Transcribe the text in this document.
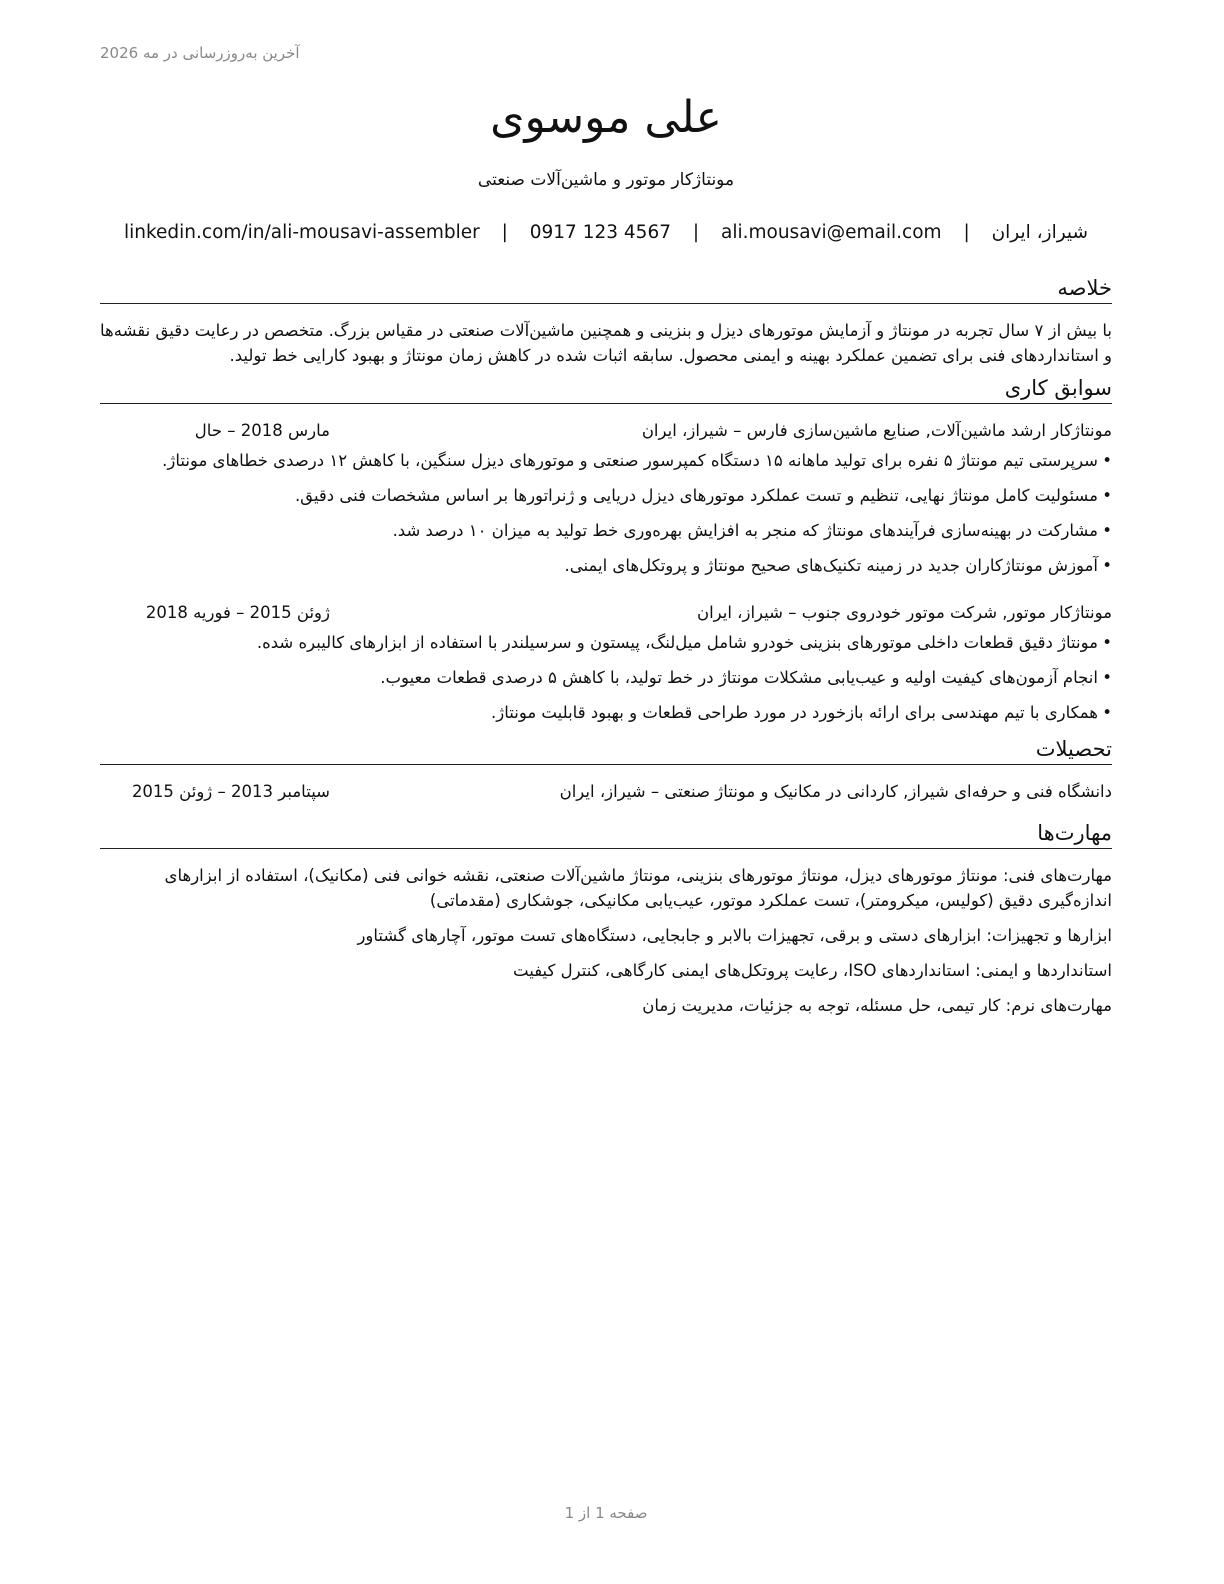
آخرین به‌روزرسانی در مه 2026
علی موسوی
مونتاژکار موتور و ماشین‌آلات صنعتی
شیراز، ایران | ali.mousavi@email.com | 0917 123 4567 | linkedin.com/in/ali-mousavi-assembler
خلاصه

با بیش از ۷ سال تجربه در مونتاژ و آزمایش موتورهای دیزل و بنزینی و همچنین ماشین‌آلات صنعتی در مقیاس بزرگ. متخصص در رعایت دقیق نقشه‌ها و استانداردهای فنی برای تضمین عملکرد بهینه و ایمنی محصول. سابقه اثبات شده در کاهش زمان مونتاژ و بهبود کارایی خط تولید.

سوابق کاری
مونتاژکار ارشد ماشین‌آلات, صنایع ماشین‌سازی فارس – شیراز، ایران
مارس 2018 – حال
• سرپرستی تیم مونتاژ ۵ نفره برای تولید ماهانه ۱۵ دستگاه کمپرسور صنعتی و موتورهای دیزل سنگین، با کاهش ۱۲ درصدی خطاهای مونتاژ.
• مسئولیت کامل مونتاژ نهایی، تنظیم و تست عملکرد موتورهای دیزل دریایی و ژنراتورها بر اساس مشخصات فنی دقیق.
• مشارکت در بهینه‌سازی فرآیندهای مونتاژ که منجر به افزایش بهره‌وری خط تولید به میزان ۱۰ درصد شد.
• آموزش مونتاژکاران جدید در زمینه تکنیک‌های صحیح مونتاژ و پروتکل‌های ایمنی.
مونتاژکار موتور, شرکت موتور خودروی جنوب – شیراز، ایران
ژوئن 2015 – فوریه 2018
• مونتاژ دقیق قطعات داخلی موتورهای بنزینی خودرو شامل میل‌لنگ، پیستون و سرسیلندر با استفاده از ابزارهای کالیبره شده.
• انجام آزمون‌های کیفیت اولیه و عیب‌یابی مشکلات مونتاژ در خط تولید، با کاهش ۵ درصدی قطعات معیوب.
• همکاری با تیم مهندسی برای ارائه بازخورد در مورد طراحی قطعات و بهبود قابلیت مونتاژ.
تحصیلات
دانشگاه فنی و حرفه‌ای شیراز, کاردانی در مکانیک و مونتاژ صنعتی – شیراز، ایران
سپتامبر 2013 – ژوئن 2015
مهارت‌ها
مهارت‌های فنی: مونتاژ موتورهای دیزل، مونتاژ موتورهای بنزینی، مونتاژ ماشین‌آلات صنعتی، نقشه خوانی فنی (مکانیک)، استفاده از ابزارهای اندازه‌گیری دقیق (کولیس، میکرومتر)، تست عملکرد موتور، عیب‌یابی مکانیکی، جوشکاری (مقدماتی)
ابزارها و تجهیزات: ابزارهای دستی و برقی، تجهیزات بالابر و جابجایی، دستگاه‌های تست موتور، آچارهای گشتاور
استانداردها و ایمنی: استانداردهای ISO، رعایت پروتکل‌های ایمنی کارگاهی، کنترل کیفیت
مهارت‌های نرم: کار تیمی، حل مسئله، توجه به جزئیات، مدیریت زمان
صفحه 1 از 1
